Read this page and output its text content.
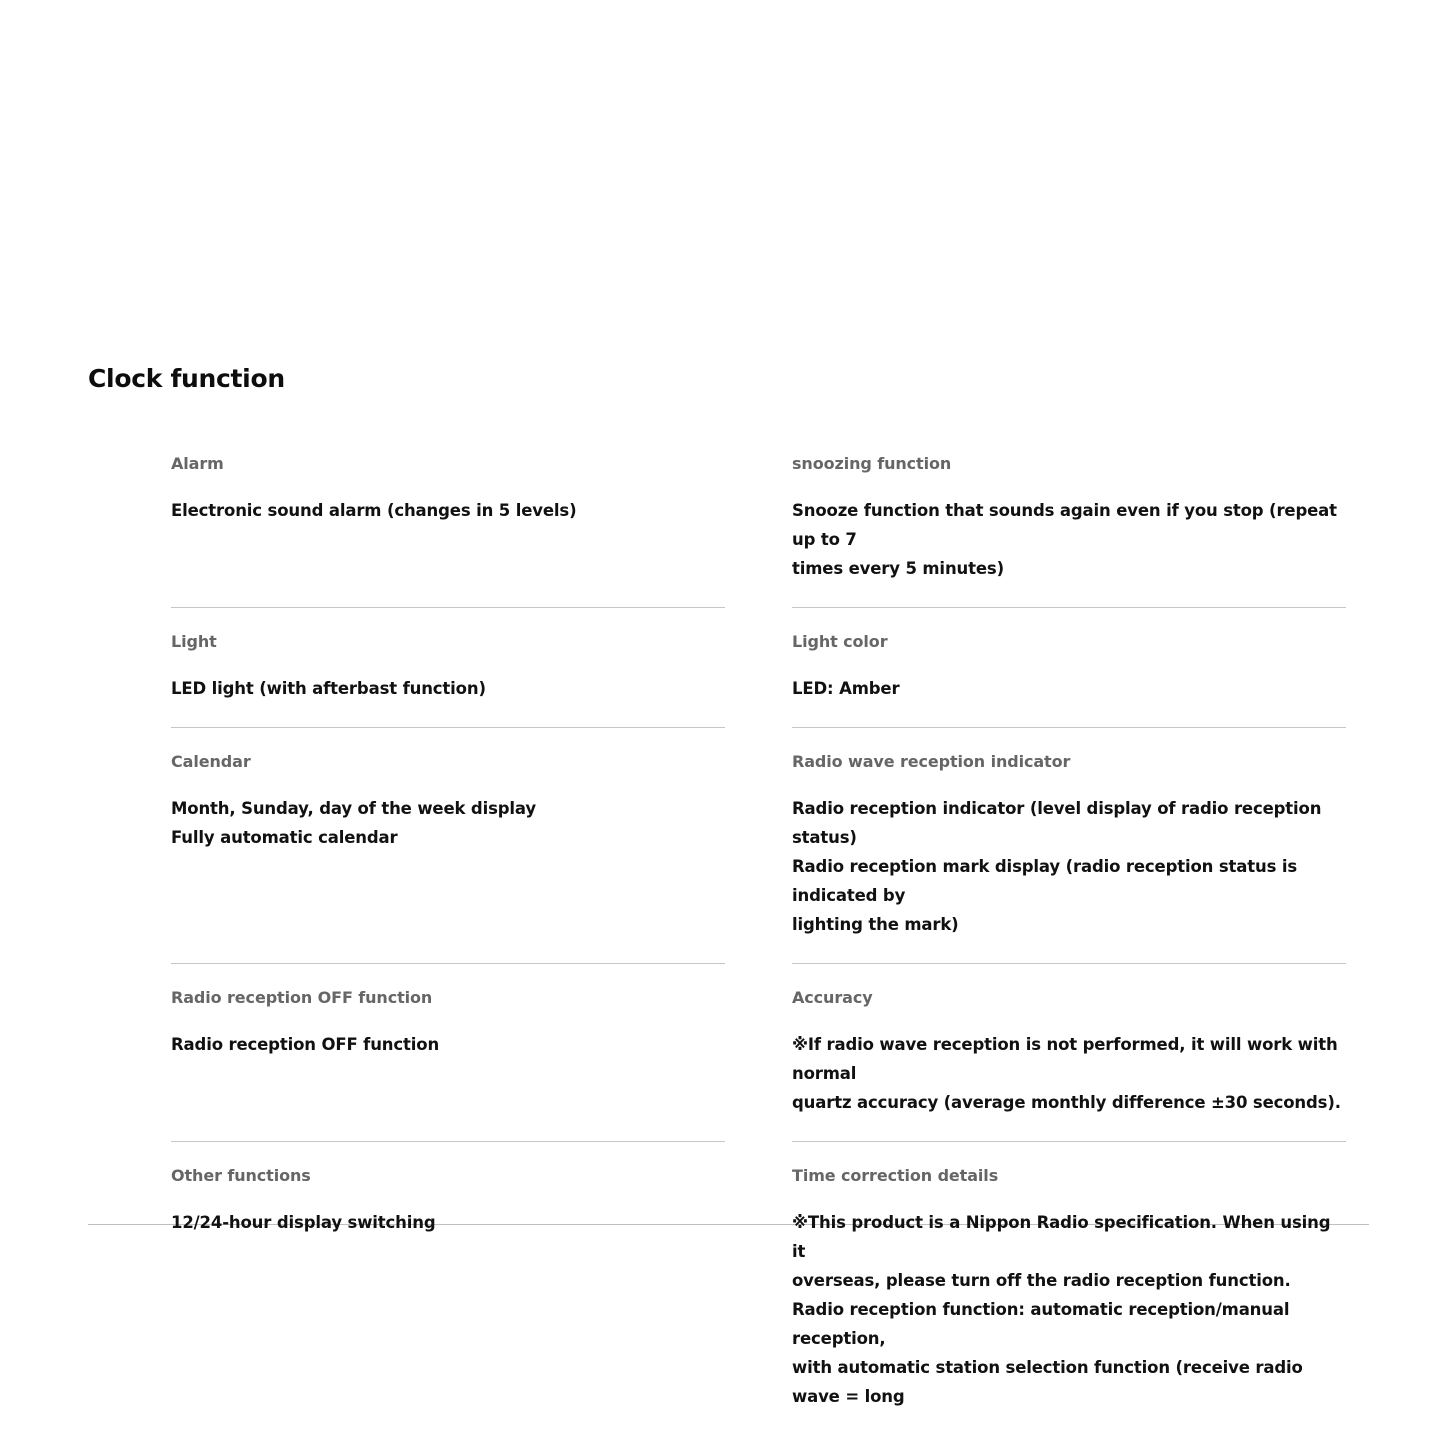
Clock function
Alarm
Electronic sound alarm (changes in 5 levels)
snoozing function
Snooze function that sounds again even if you stop (repeat up to 7
times every 5 minutes)
Light
LED light (with afterbast function)
Light color
LED: Amber
Calendar
Month, Sunday, day of the week display
Fully automatic calendar
Radio wave reception indicator
Radio reception indicator (level display of radio reception status)
Radio reception mark display (radio reception status is indicated by
lighting the mark)
Radio reception OFF function
Radio reception OFF function
Accuracy
※If radio wave reception is not performed, it will work with normal
quartz accuracy (average monthly difference ±30 seconds).
Other functions
12/24-hour display switching
Time correction details
※This product is a Nippon Radio specification. When using it
overseas, please turn off the radio reception function.
Radio reception function: automatic reception/manual reception,
with automatic station selection function (receive radio wave = long
